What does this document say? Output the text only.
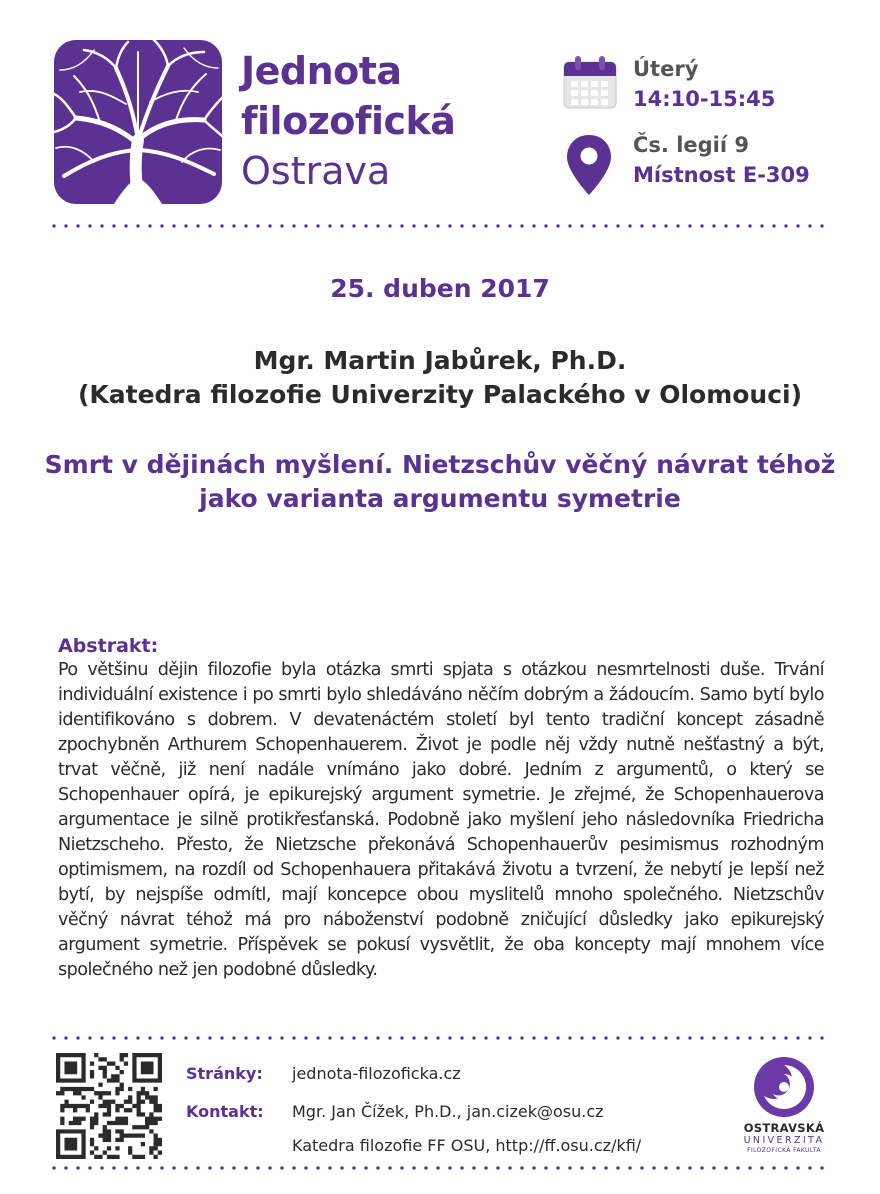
Jednota
filozofická
Ostrava
Úterý
14:10-15:45
Čs. legií 9
Místnost E-309
25. duben 2017
Mgr. Martin Jabůrek, Ph.D.
(Katedra filozofie Univerzity Palackého v Olomouci)
Smrt v dějinách myšlení. Nietzschův věčný návrat téhož
jako varianta argumentu symetrie
Abstrakt:

Po většinu dějin filozofie byla otázka smrti spjata s otázkou nesmrtelnosti duše. Trvání individuální existence i po smrti bylo shledáváno něčím dobrým a žádoucím. Samo bytí bylo identifikováno s dobrem. V devatenáctém století byl tento tradiční koncept zásadně zpochybněn Arthurem Schopenhauerem. Život je podle něj vždy nutně nešťastný a být, trvat věčně, již není nadále vnímáno jako dobré. Jedním z argumentů, o který se Schopenhauer opírá, je epikurejský argument symetrie. Je zřejmé, že Schopenhauerova argumentace je silně protikřesťanská. Podobně jako myšlení jeho následovníka Friedricha Nietzscheho. Přesto, že Nietzsche překonává Schopenhauerův pesimismus rozhodným optimismem, na rozdíl od Schopenhauera přitakává životu a tvrzení, že nebytí je lepší než bytí, by nejspíše odmítl, mají koncepce obou myslitelů mnoho společného. Nietzschův věčný návrat téhož má pro náboženství podobně zničující důsledky jako epikurejský argument symetrie. Příspěvek se pokusí vysvětlit, že oba koncepty mají mnohem více společného než jen podobné důsledky.

Stránky: jednota-filozoficka.cz
Kontakt: Mgr. Jan Čížek, Ph.D., jan.cizek@osu.cz
Katedra filozofie FF OSU, http://ff.osu.cz/kfi/
OSTRAVSKÁ
UNIVERZITA
FILOZOFICKÁ FAKULTA
